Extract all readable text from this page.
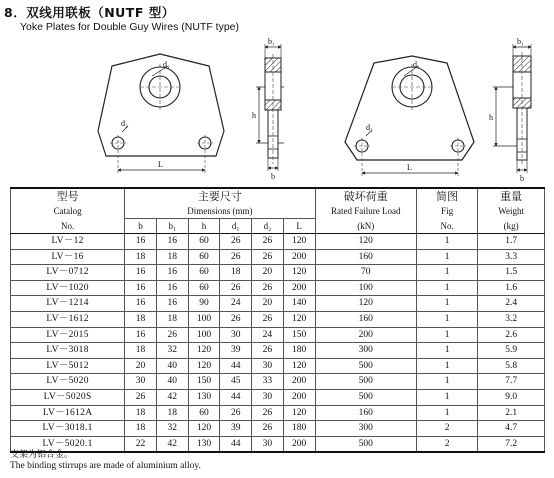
8．双线用联板（NUTF 型）
Yoke Plates for Double Guy Wires (NUTF type)
d₁
d₂
L
h
b₁
b
d₁
d₂
L
h
b₁
b
型号	主要尺寸						破坏荷重	简图	重量
Catalog	Dimensions (mm)						Rated Failure Load	Fig	Weight
No.	b	b₁	h	d₁	d₂	L	(kN)	No.	(kg)
LV－12	16	16	60	26	26	120	120	1	1.7
LV－16	18	18	60	26	26	200	160	1	3.3
LV－0712	16	16	60	18	20	120	70	1	1.5
LV－1020	16	16	60	26	26	200	100	1	1.6
LV－1214	16	16	90	24	20	140	120	1	2.4
LV－1612	18	18	100	26	26	120	160	1	3.2
LV－2015	16	26	100	30	24	150	200	1	2.6
LV－3018	18	32	120	39	26	180	300	1	5.9
LV－5012	20	40	120	44	30	120	500	1	5.8
LV－5020	30	40	150	45	33	200	500	1	7.7
LV－5020S	26	42	130	44	30	200	500	1	9.0
LV－1612A	18	18	60	26	26	120	160	1	2.1
LV－3018.1	18	32	120	39	26	180	300	2	4.7
LV－5020.1	22	42	130	44	30	200	500	2	7.2
支架为铝合金。
The binding stirrups are made of aluminium alloy.
